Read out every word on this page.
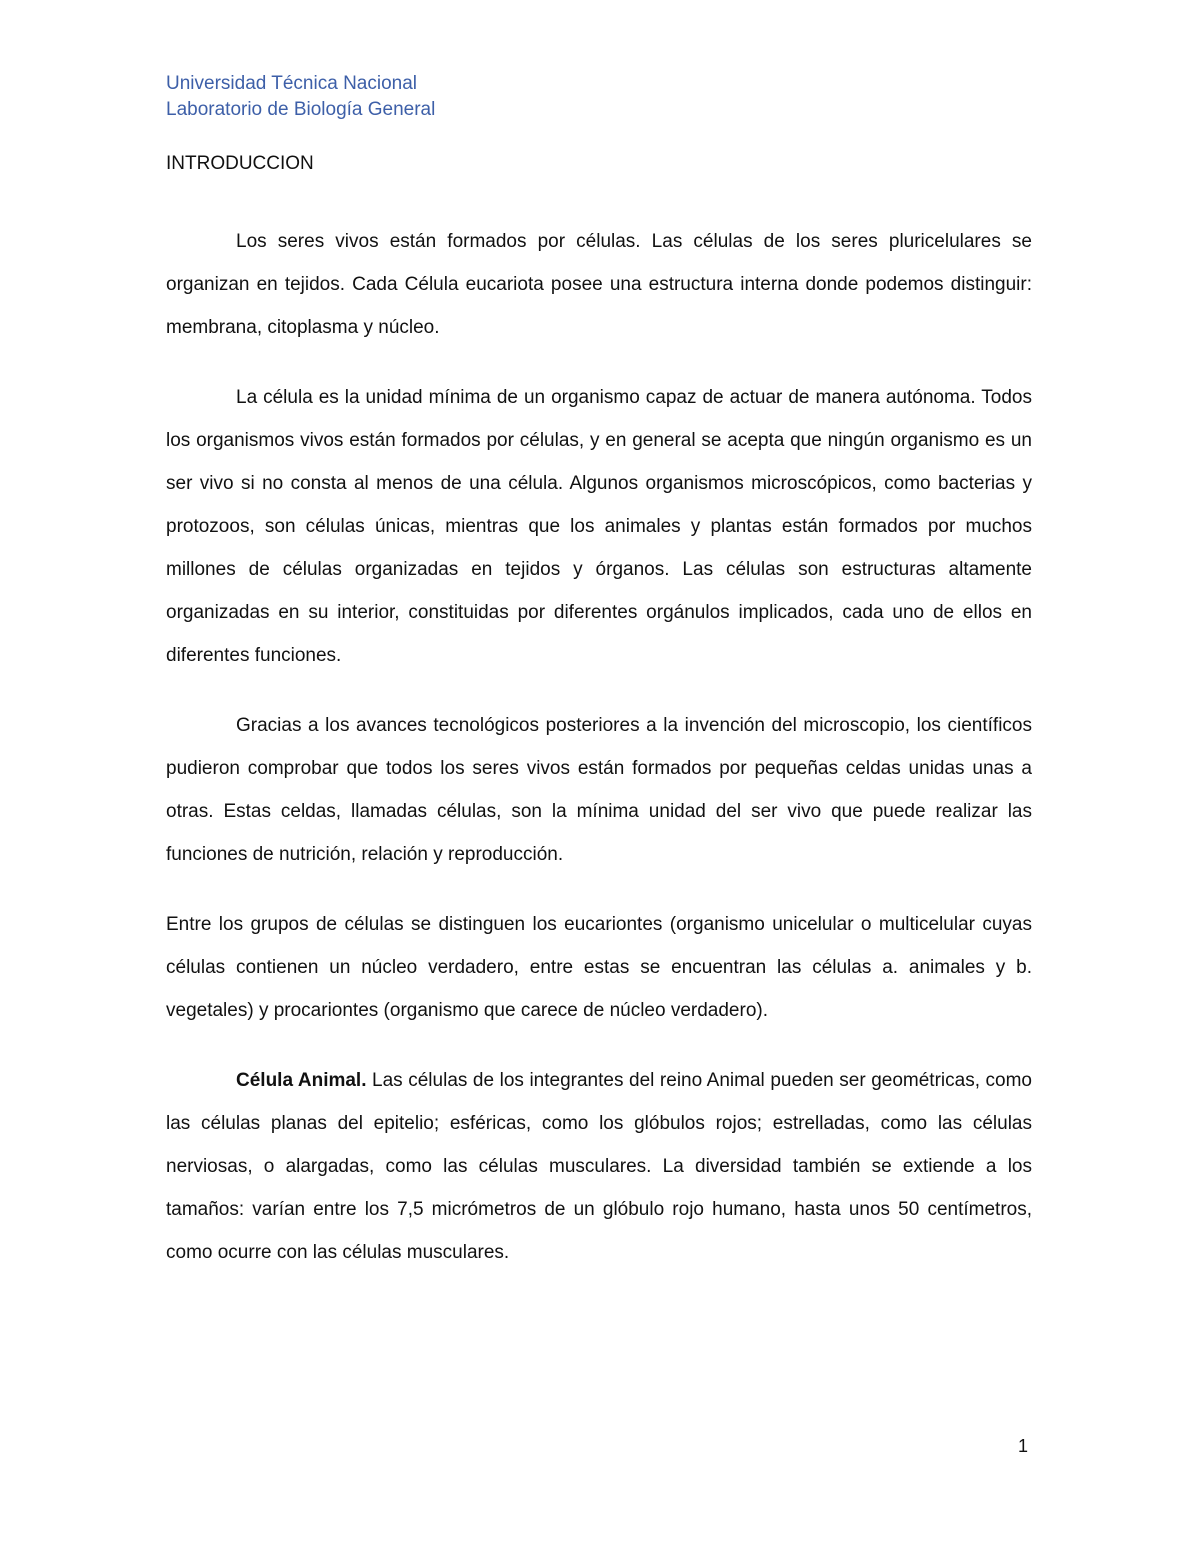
Universidad Técnica Nacional
Laboratorio de Biología General
INTRODUCCION

Los seres vivos están formados por células. Las células de los seres pluricelulares se organizan en tejidos. Cada Célula eucariota posee una estructura interna donde podemos distinguir: membrana, citoplasma y núcleo.

La célula es la unidad mínima de un organismo capaz de actuar de manera autónoma. Todos los organismos vivos están formados por células, y en general se acepta que ningún organismo es un ser vivo si no consta al menos de una célula. Algunos organismos microscópicos, como bacterias y protozoos, son células únicas, mientras que los animales y plantas están formados por muchos millones de células organizadas en tejidos y órganos. Las células son estructuras altamente organizadas en su interior, constituidas por diferentes orgánulos implicados, cada uno de ellos en diferentes funciones.

Gracias a los avances tecnológicos posteriores a la invención del microscopio, los científicos pudieron comprobar que todos los seres vivos están formados por pequeñas celdas unidas unas a otras. Estas celdas, llamadas células, son la mínima unidad del ser vivo que puede realizar las funciones de nutrición, relación y reproducción.

Entre los grupos de células se distinguen los eucariontes (organismo unicelular o multicelular cuyas células contienen un núcleo verdadero, entre estas se encuentran las células a. animales y b. vegetales) y procariontes (organismo que carece de núcleo verdadero).

Célula Animal. Las células de los integrantes del reino Animal pueden ser geométricas, como las células planas del epitelio; esféricas, como los glóbulos rojos; estrelladas, como las células nerviosas, o alargadas, como las células musculares. La diversidad también se extiende a los tamaños: varían entre los 7,5 micrómetros de un glóbulo rojo humano, hasta unos 50 centímetros, como ocurre con las células musculares.

1
